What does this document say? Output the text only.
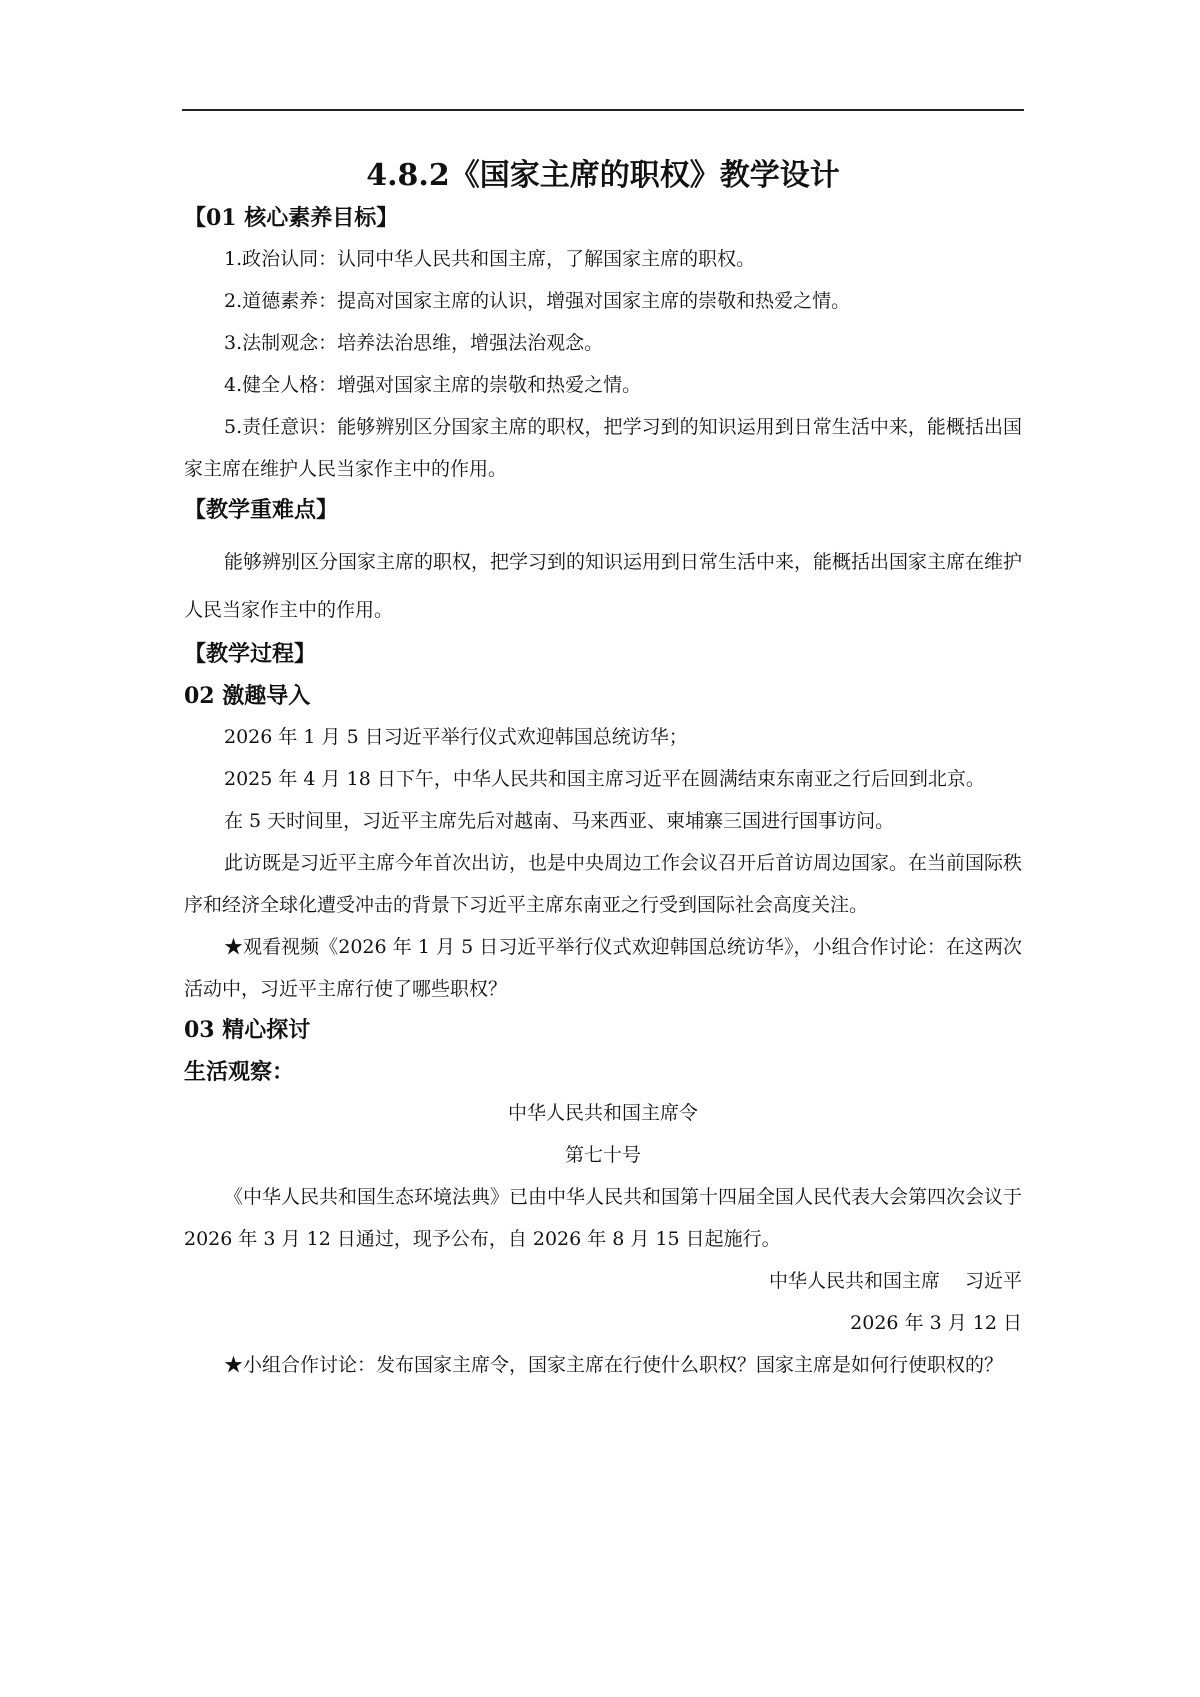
4.8.2《国家主席的职权》教学设计
【01 核心素养目标】

1.政治认同：认同中华人民共和国主席，了解国家主席的职权。

2.道德素养：提高对国家主席的认识，增强对国家主席的崇敬和热爱之情。

3.法制观念：培养法治思维，增强法治观念。

4.健全人格：增强对国家主席的崇敬和热爱之情。

5.责任意识：能够辨别区分国家主席的职权，把学习到的知识运用到日常生活中来，能概括出国家主席在维护人民当家作主中的作用。

【教学重难点】

能够辨别区分国家主席的职权，把学习到的知识运用到日常生活中来，能概括出国家主席在维护人民当家作主中的作用。

【教学过程】
02 激趣导入

2026 年 1 月 5 日习近平举行仪式欢迎韩国总统访华；

2025 年 4 月 18 日下午，中华人民共和国主席习近平在圆满结束东南亚之行后回到北京。

在 5 天时间里，习近平主席先后对越南、马来西亚、柬埔寨三国进行国事访问。

此访既是习近平主席今年首次出访，也是中央周边工作会议召开后首访周边国家。在当前国际秩序和经济全球化遭受冲击的背景下习近平主席东南亚之行受到国际社会高度关注。

★观看视频《2026 年 1 月 5 日习近平举行仪式欢迎韩国总统访华》，小组合作讨论：在这两次活动中，习近平主席行使了哪些职权？

03 精心探讨
生活观察：

中华人民共和国主席令

第七十号

《中华人民共和国生态环境法典》已由中华人民共和国第十四届全国人民代表大会第四次会议于 2026 年 3 月 12 日通过，现予公布，自 2026 年 8 月 15 日起施行。

中华人民共和国主席　 习近平

2026 年 3 月 12 日

★小组合作讨论：发布国家主席令，国家主席在行使什么职权？国家主席是如何行使职权的？
